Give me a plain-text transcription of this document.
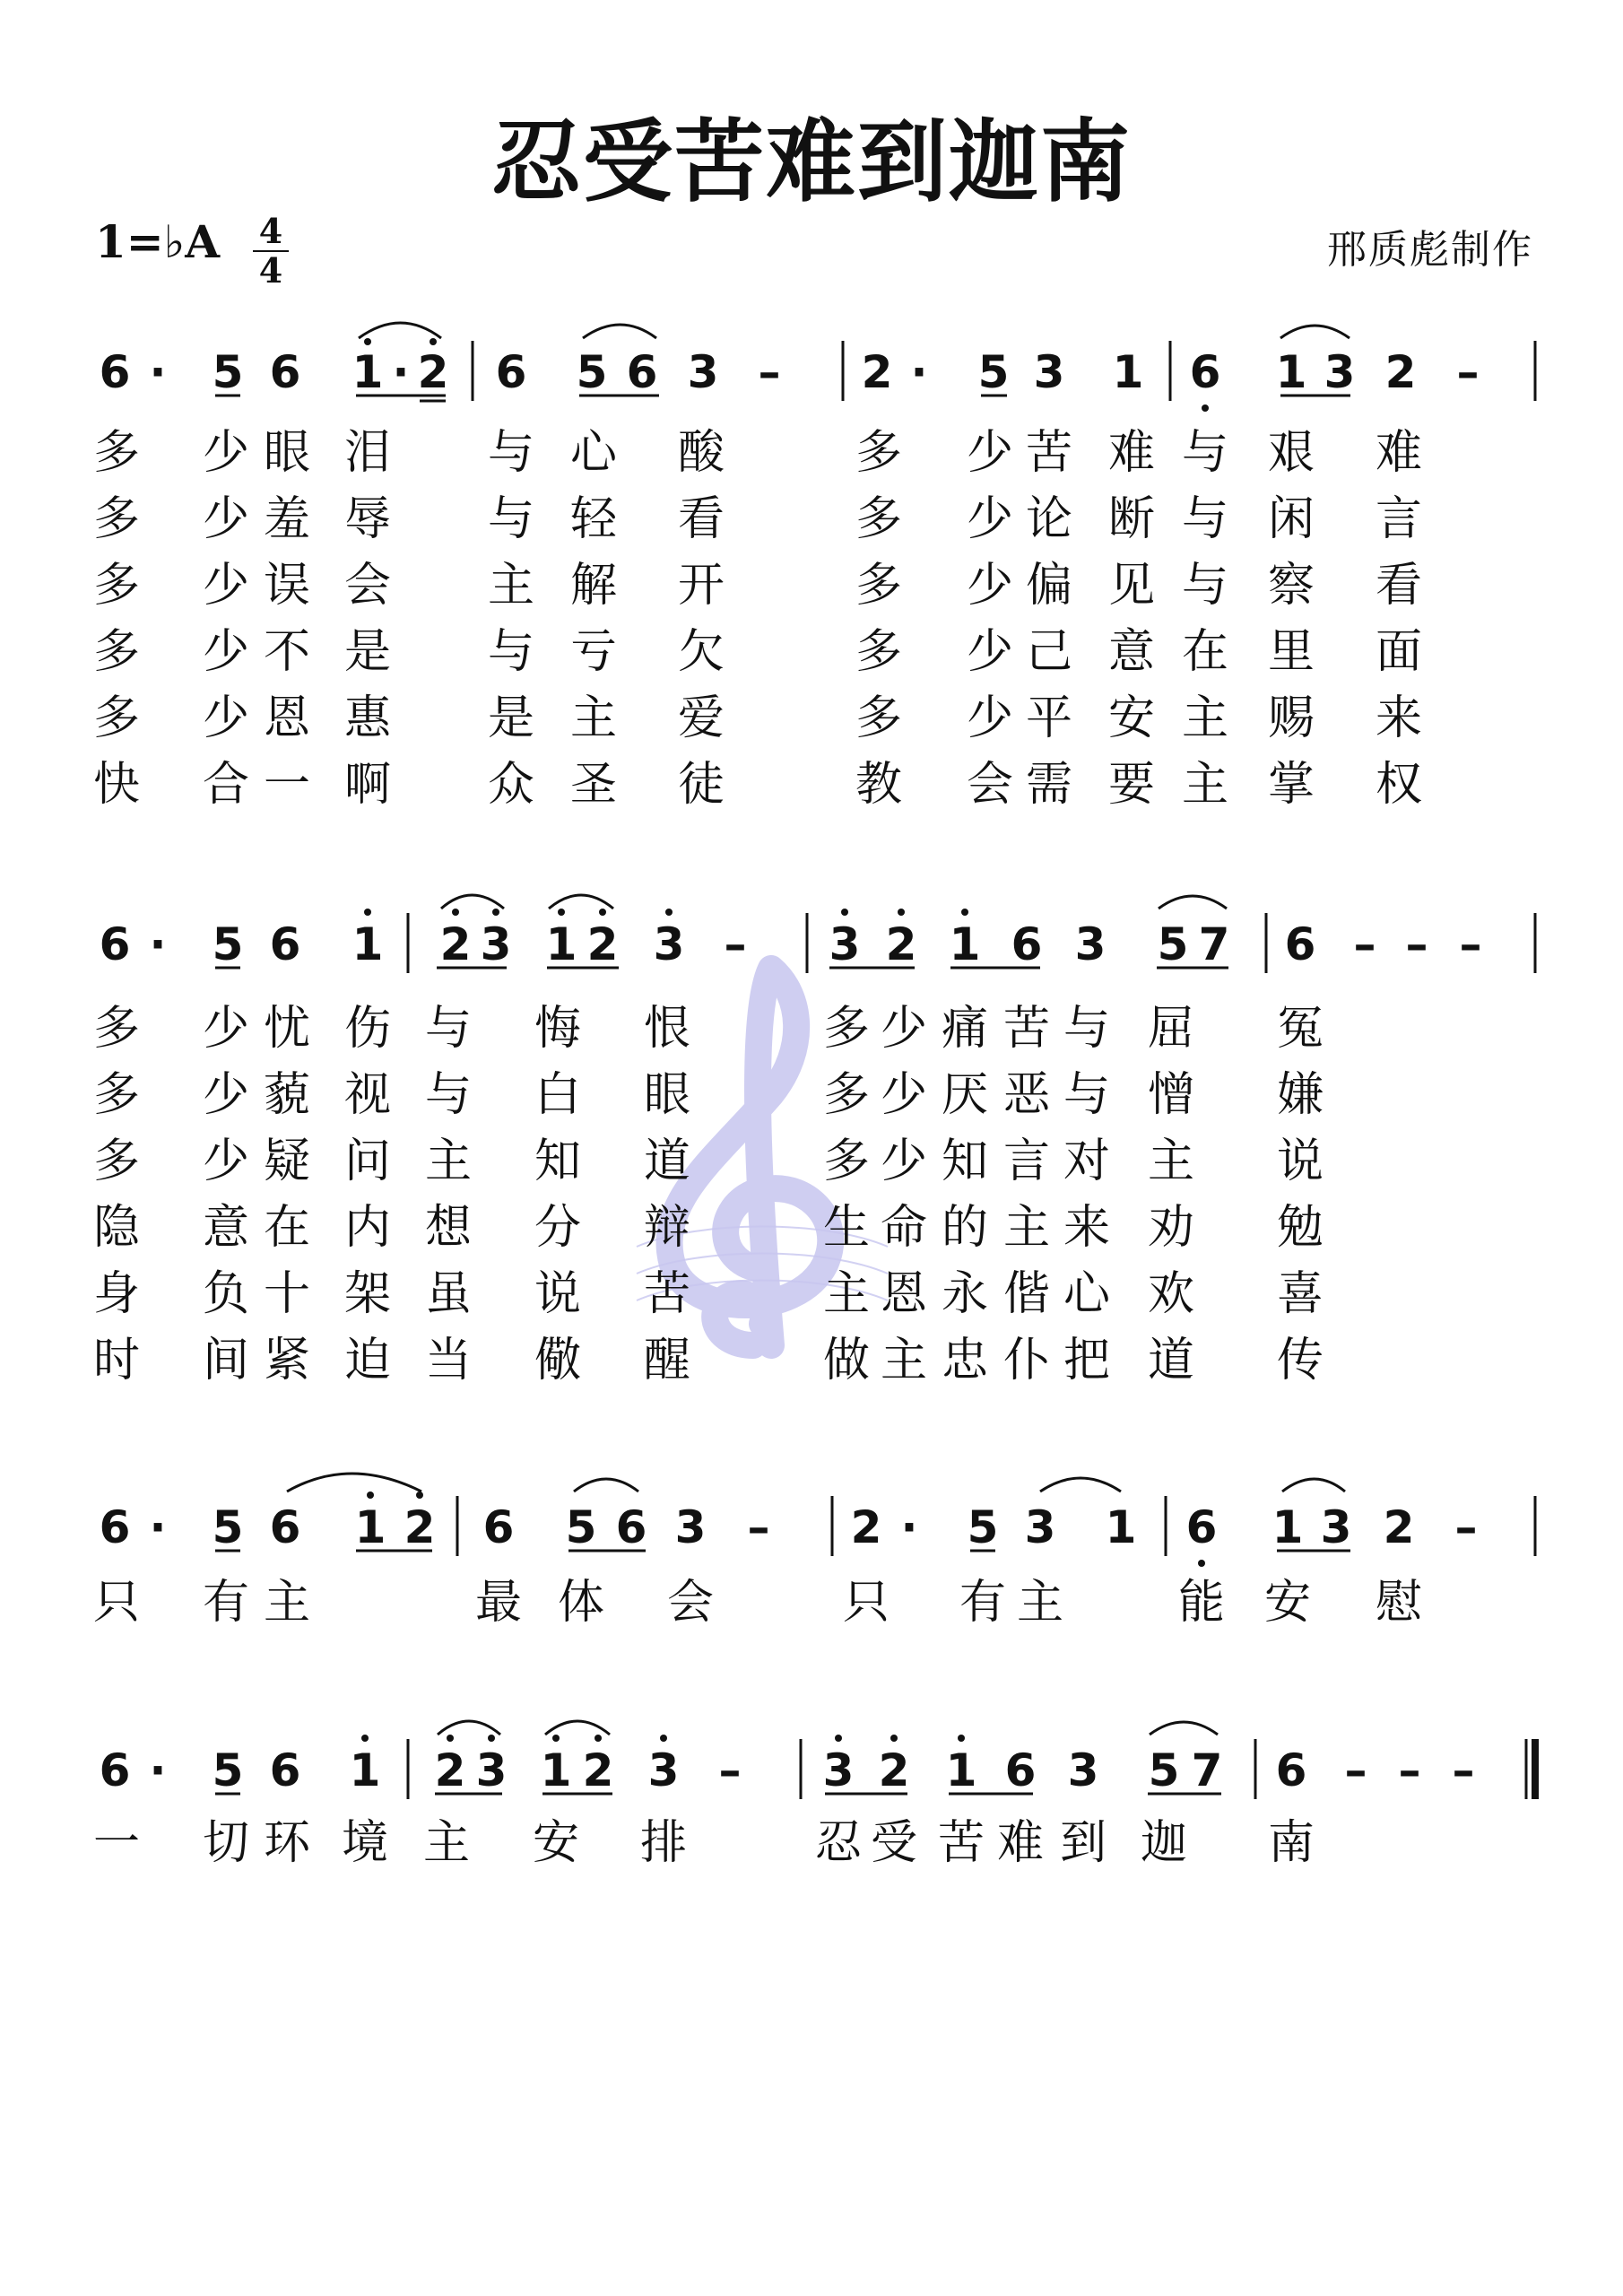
忍受苦难到迦南
1=♭A 4
4	邢质彪制作
6 · 5 6 1 · 2 6 5 6 3 – 2 · 5 3 1 6 1 3 2 –
多 少 眼 泪 与 心 酸	多 少 苦 难 与 艰 难
多 少 羞 辱 与 轻 看	多 少 论 断 与 闲 言
多 少 误 会 主 解 开	多 少 偏 见 与 察 看
多 少 不 是 与 亏 欠	多 少 己 意 在 里 面
多 少 恩 惠 是 主 爱	多 少 平 安 主 赐 来
快 合 一 啊 众 圣 徒	教 会 需 要 主 掌 权
6 · 5 6 1 2 3 1 2 3 – 3 2 1 6 3 5 7 6 – – –
多 少 忧 伤 与 悔 恨	多 少 痛 苦 与 屈 冤
多 少 藐 视 与 白 眼	多 少 厌 恶 与 憎 嫌
多 少 疑 问 主 知 道	多 少 知 言 对 主 说
隐 意 在 内 想 分 辩	生 命 的 主 来 劝 勉
身 负 十 架 虽 说 苦	主 恩 永 偕 心 欢 喜
时 间 紧 迫 当 儆 醒	做 主 忠 仆 把 道 传
6 · 5 6 1 2 6 5 6 3 – 2 · 5 3 1 6 1 3 2 –
只 有 主	最 体 会	只 有 主 能 安 慰
6 · 5 6 1 2 3 1 2 3 – 3 2 1 6 3 5 7 6 – – –
一 切 环 境 主 安 排	忍 受 苦 难 到 迦 南
